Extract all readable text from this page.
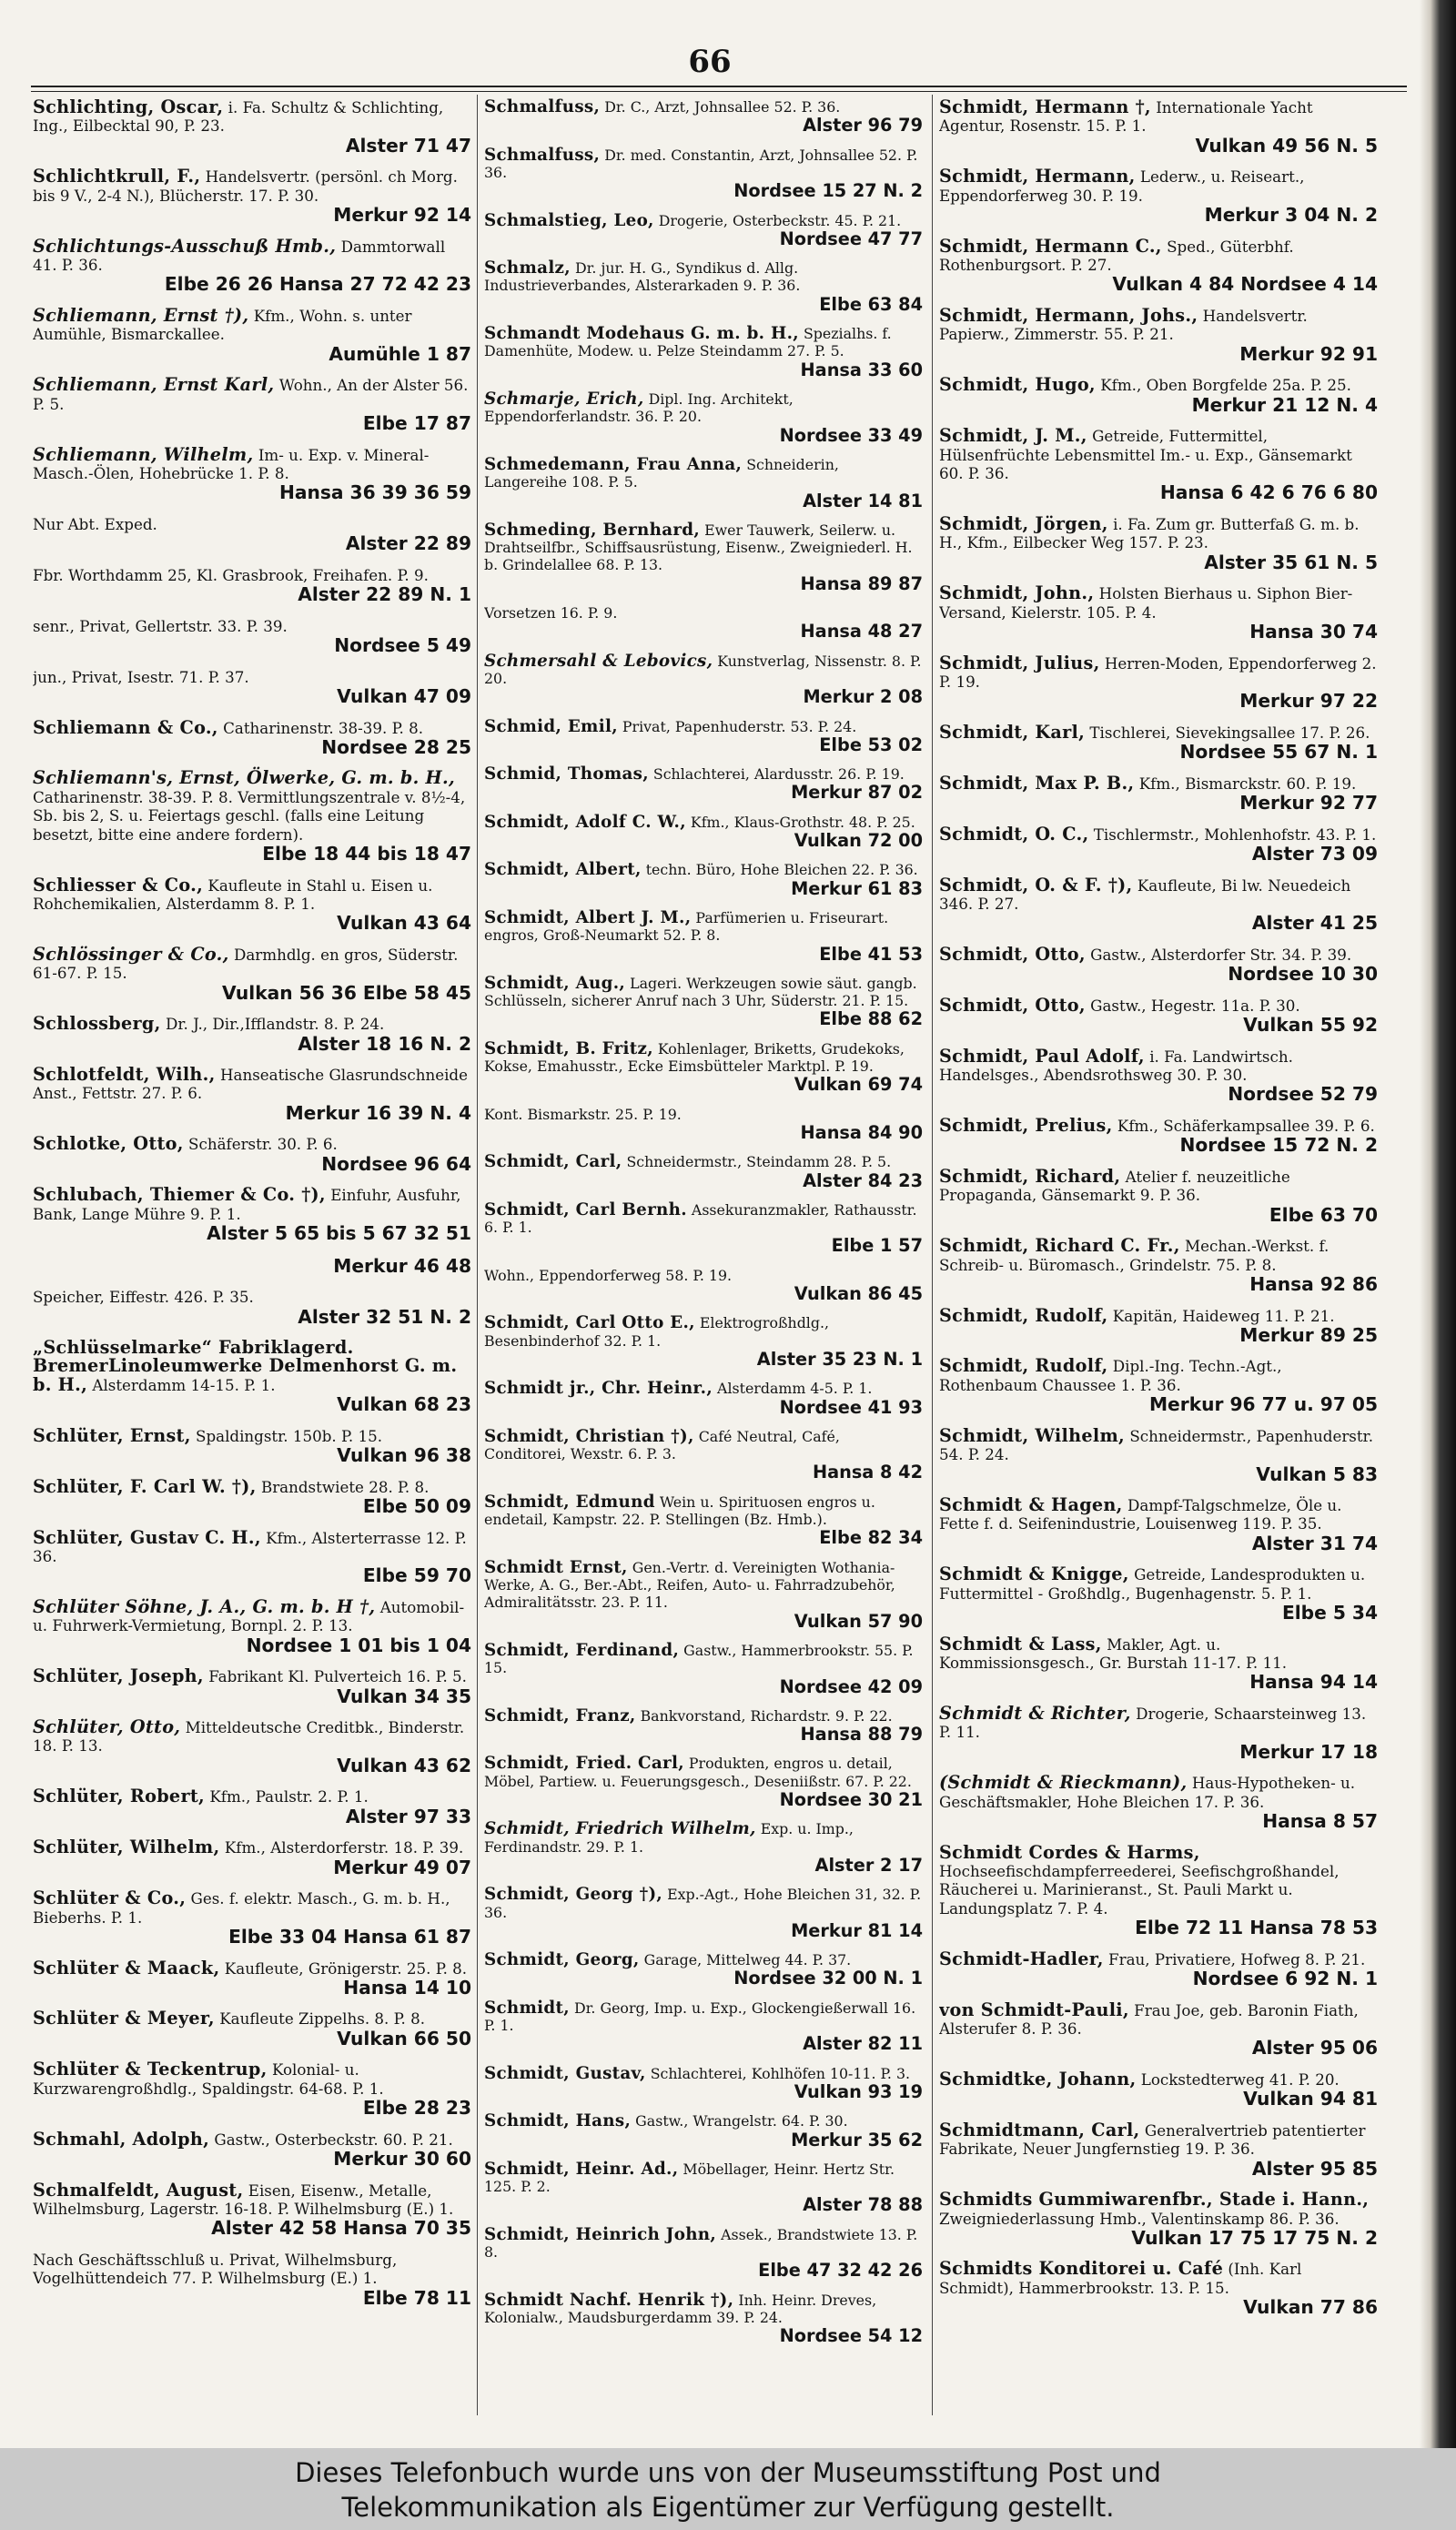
66
Schlichting, Oscar, i. Fa. Schultz & Schlichting, Ing., Eilbecktal 90, P. 23.
Alster 71 47
Schlichtkrull, F., Handelsvertr. (persönl. ch Morg. bis 9 V., 2-4 N.), Blücherstr. 17. P. 30.
Merkur 92 14
Schlichtungs-Ausschuß Hmb., Dammtorwall 41. P. 36.
Elbe 26 26 Hansa 27 72 42 23
Schliemann, Ernst †), Kfm., Wohn. s. unter Aumühle, Bismarckallee.
Aumühle 1 87
Schliemann, Ernst Karl, Wohn., An der Alster 56. P. 5.
Elbe 17 87
Schliemann, Wilhelm, Im- u. Exp. v. Mineral-Masch.-Ölen, Hohebrücke 1. P. 8.
Hansa 36 39 36 59
Nur Abt. Exped.
Alster 22 89
Fbr. Worthdamm 25, Kl. Grasbrook, Freihafen. P. 9.
Alster 22 89 N. 1
senr., Privat, Gellertstr. 33. P. 39.
Nordsee 5 49
jun., Privat, Isestr. 71. P. 37.
Vulkan 47 09
Schliemann & Co., Catharinenstr. 38-39. P. 8.
Nordsee 28 25
Schliemann's, Ernst, Ölwerke, G. m. b. H., Catharinenstr. 38-39. P. 8. Vermittlungszentrale v. 8½-4, Sb. bis 2, S. u. Feiertags geschl. (falls eine Leitung besetzt, bitte eine andere fordern).
Elbe 18 44 bis 18 47
Schliesser & Co., Kaufleute in Stahl u. Eisen u. Rohchemikalien, Alsterdamm 8. P. 1.
Vulkan 43 64
Schlössinger & Co., Darmhdlg. en gros, Süderstr. 61-67. P. 15.
Vulkan 56 36 Elbe 58 45
Schlossberg, Dr. J., Dir.,Ifflandstr. 8. P. 24.
Alster 18 16 N. 2
Schlotfeldt, Wilh., Hanseatische Glasrundschneide Anst., Fettstr. 27. P. 6.
Merkur 16 39 N. 4
Schlotke, Otto, Schäferstr. 30. P. 6.
Nordsee 96 64
Schlubach, Thiemer & Co. †), Einfuhr, Ausfuhr, Bank, Lange Mühre 9. P. 1.
Alster 5 65 bis 5 67 32 51
Merkur 46 48
Speicher, Eiffestr. 426. P. 35.
Alster 32 51 N. 2
„Schlüsselmarke“ Fabriklagerd. BremerLinoleumwerke Delmenhorst G. m. b. H., Alsterdamm 14-15. P. 1.
Vulkan 68 23
Schlüter, Ernst, Spaldingstr. 150b. P. 15.
Vulkan 96 38
Schlüter, F. Carl W. †), Brandstwiete 28. P. 8.
Elbe 50 09
Schlüter, Gustav C. H., Kfm., Alsterterrasse 12. P. 36.
Elbe 59 70
Schlüter Söhne, J. A., G. m. b. H †, Automobil- u. Fuhrwerk-Vermietung, Bornpl. 2. P. 13.
Nordsee 1 01 bis 1 04
Schlüter, Joseph, Fabrikant Kl. Pulverteich 16. P. 5.
Vulkan 34 35
Schlüter, Otto, Mitteldeutsche Creditbk., Binderstr. 18. P. 13.
Vulkan 43 62
Schlüter, Robert, Kfm., Paulstr. 2. P. 1.
Alster 97 33
Schlüter, Wilhelm, Kfm., Alsterdorferstr. 18. P. 39.
Merkur 49 07
Schlüter & Co., Ges. f. elektr. Masch., G. m. b. H., Bieberhs. P. 1.
Elbe 33 04 Hansa 61 87
Schlüter & Maack, Kaufleute, Grönigerstr. 25. P. 8.
Hansa 14 10
Schlüter & Meyer, Kaufleute Zippelhs. 8. P. 8.
Vulkan 66 50
Schlüter & Teckentrup, Kolonial- u. Kurzwarengroßhdlg., Spaldingstr. 64-68. P. 1.
Elbe 28 23
Schmahl, Adolph, Gastw., Osterbeckstr. 60. P. 21.
Merkur 30 60
Schmalfeldt, August, Eisen, Eisenw., Metalle, Wilhelmsburg, Lagerstr. 16-18. P. Wilhelmsburg (E.) 1.
Alster 42 58 Hansa 70 35
Nach Geschäftsschluß u. Privat, Wilhelmsburg, Vogelhüttendeich 77. P. Wilhelmsburg (E.) 1.
Elbe 78 11
Schmalfuss, Dr. C., Arzt, Johnsallee 52. P. 36.
Alster 96 79
Schmalfuss, Dr. med. Constantin, Arzt, Johnsallee 52. P. 36.
Nordsee 15 27 N. 2
Schmalstieg, Leo, Drogerie, Osterbeckstr. 45. P. 21.
Nordsee 47 77
Schmalz, Dr. jur. H. G., Syndikus d. Allg. Industrieverbandes, Alsterarkaden 9. P. 36.
Elbe 63 84
Schmandt Modehaus G. m. b. H., Spezialhs. f. Damenhüte, Modew. u. Pelze Steindamm 27. P. 5.
Hansa 33 60
Schmarje, Erich, Dipl. Ing. Architekt, Eppendorferlandstr. 36. P. 20.
Nordsee 33 49
Schmedemann, Frau Anna, Schneiderin, Langereihe 108. P. 5.
Alster 14 81
Schmeding, Bernhard, Ewer Tauwerk, Seilerw. u. Drahtseilfbr., Schiffsausrüstung, Eisenw., Zweigniederl. H. b. Grindelallee 68. P. 13.
Hansa 89 87
Vorsetzen 16. P. 9.
Hansa 48 27
Schmersahl & Lebovics, Kunstverlag, Nissenstr. 8. P. 20.
Merkur 2 08
Schmid, Emil, Privat, Papenhuderstr. 53. P. 24.
Elbe 53 02
Schmid, Thomas, Schlachterei, Alardusstr. 26. P. 19.
Merkur 87 02
Schmidt, Adolf C. W., Kfm., Klaus-Grothstr. 48. P. 25.
Vulkan 72 00
Schmidt, Albert, techn. Büro, Hohe Bleichen 22. P. 36.
Merkur 61 83
Schmidt, Albert J. M., Parfümerien u. Friseurart. engros, Groß-Neumarkt 52. P. 8.
Elbe 41 53
Schmidt, Aug., Lageri. Werkzeugen sowie säut. gangb. Schlüsseln, sicherer Anruf nach 3 Uhr, Süderstr. 21. P. 15.
Elbe 88 62
Schmidt, B. Fritz, Kohlenlager, Briketts, Grudekoks, Kokse, Emahusstr., Ecke Eimsbütteler Marktpl. P. 19.
Vulkan 69 74
Kont. Bismarkstr. 25. P. 19.
Hansa 84 90
Schmidt, Carl, Schneidermstr., Steindamm 28. P. 5.
Alster 84 23
Schmidt, Carl Bernh. Assekuranzmakler, Rathausstr. 6. P. 1.
Elbe 1 57
Wohn., Eppendorferweg 58. P. 19.
Vulkan 86 45
Schmidt, Carl Otto E., Elektrogroßhdlg., Besenbinderhof 32. P. 1.
Alster 35 23 N. 1
Schmidt jr., Chr. Heinr., Alsterdamm 4-5. P. 1.
Nordsee 41 93
Schmidt, Christian †), Café Neutral, Café, Conditorei, Wexstr. 6. P. 3.
Hansa 8 42
Schmidt, Edmund Wein u. Spirituosen engros u. endetail, Kampstr. 22. P. Stellingen (Bz. Hmb.).
Elbe 82 34
Schmidt Ernst, Gen.-Vertr. d. Vereinigten Wothania-Werke, A. G., Ber.-Abt., Reifen, Auto- u. Fahrradzubehör, Admiralitätsstr. 23. P. 11.
Vulkan 57 90
Schmidt, Ferdinand, Gastw., Hammerbrookstr. 55. P. 15.
Nordsee 42 09
Schmidt, Franz, Bankvorstand, Richardstr. 9. P. 22.
Hansa 88 79
Schmidt, Fried. Carl, Produkten, engros u. detail, Möbel, Partiew. u. Feuerungsgesch., Deseniißstr. 67. P. 22.
Nordsee 30 21
Schmidt, Friedrich Wilhelm, Exp. u. Imp., Ferdinandstr. 29. P. 1.
Alster 2 17
Schmidt, Georg †), Exp.-Agt., Hohe Bleichen 31, 32. P. 36.
Merkur 81 14
Schmidt, Georg, Garage, Mittelweg 44. P. 37.
Nordsee 32 00 N. 1
Schmidt, Dr. Georg, Imp. u. Exp., Glockengießerwall 16. P. 1.
Alster 82 11
Schmidt, Gustav, Schlachterei, Kohlhöfen 10-11. P. 3.
Vulkan 93 19
Schmidt, Hans, Gastw., Wrangelstr. 64. P. 30.
Merkur 35 62
Schmidt, Heinr. Ad., Möbellager, Heinr. Hertz Str. 125. P. 2.
Alster 78 88
Schmidt, Heinrich John, Assek., Brandstwiete 13. P. 8.
Elbe 47 32 42 26
Schmidt Nachf. Henrik †), Inh. Heinr. Dreves, Kolonialw., Maudsburgerdamm 39. P. 24.
Nordsee 54 12
Schmidt, Hermann †, Internationale Yacht Agentur, Rosenstr. 15. P. 1.
Vulkan 49 56 N. 5
Schmidt, Hermann, Lederw., u. Reiseart., Eppendorferweg 30. P. 19.
Merkur 3 04 N. 2
Schmidt, Hermann C., Sped., Güterbhf. Rothenburgsort. P. 27.
Vulkan 4 84 Nordsee 4 14
Schmidt, Hermann, Johs., Handelsvertr. Papierw., Zimmerstr. 55. P. 21.
Merkur 92 91
Schmidt, Hugo, Kfm., Oben Borgfelde 25a. P. 25.
Merkur 21 12 N. 4
Schmidt, J. M., Getreide, Futtermittel, Hülsenfrüchte Lebensmittel Im.- u. Exp., Gänsemarkt 60. P. 36.
Hansa 6 42 6 76 6 80
Schmidt, Jörgen, i. Fa. Zum gr. Butterfaß G. m. b. H., Kfm., Eilbecker Weg 157. P. 23.
Alster 35 61 N. 5
Schmidt, John., Holsten Bierhaus u. Siphon Bier-Versand, Kielerstr. 105. P. 4.
Hansa 30 74
Schmidt, Julius, Herren-Moden, Eppendorferweg 2. P. 19.
Merkur 97 22
Schmidt, Karl, Tischlerei, Sievekingsallee 17. P. 26.
Nordsee 55 67 N. 1
Schmidt, Max P. B., Kfm., Bismarckstr. 60. P. 19.
Merkur 92 77
Schmidt, O. C., Tischlermstr., Mohlenhofstr. 43. P. 1.
Alster 73 09
Schmidt, O. & F. †), Kaufleute, Bi lw. Neuedeich 346. P. 27.
Alster 41 25
Schmidt, Otto, Gastw., Alsterdorfer Str. 34. P. 39.
Nordsee 10 30
Schmidt, Otto, Gastw., Hegestr. 11a. P. 30.
Vulkan 55 92
Schmidt, Paul Adolf, i. Fa. Landwirtsch. Handelsges., Abendsrothsweg 30. P. 30.
Nordsee 52 79
Schmidt, Prelius, Kfm., Schäferkampsallee 39. P. 6.
Nordsee 15 72 N. 2
Schmidt, Richard, Atelier f. neuzeitliche Propaganda, Gänsemarkt 9. P. 36.
Elbe 63 70
Schmidt, Richard C. Fr., Mechan.-Werkst. f. Schreib- u. Büromasch., Grindelstr. 75. P. 8.
Hansa 92 86
Schmidt, Rudolf, Kapitän, Haideweg 11. P. 21.
Merkur 89 25
Schmidt, Rudolf, Dipl.-Ing. Techn.-Agt., Rothenbaum Chaussee 1. P. 36.
Merkur 96 77 u. 97 05
Schmidt, Wilhelm, Schneidermstr., Papenhuderstr. 54. P. 24.
Vulkan 5 83
Schmidt & Hagen, Dampf-Talgschmelze, Öle u. Fette f. d. Seifenindustrie, Louisenweg 119. P. 35.
Alster 31 74
Schmidt & Knigge, Getreide, Landesprodukten u. Futtermittel - Großhdlg., Bugenhagenstr. 5. P. 1.
Elbe 5 34
Schmidt & Lass, Makler, Agt. u. Kommissionsgesch., Gr. Burstah 11-17. P. 11.
Hansa 94 14
Schmidt & Richter, Drogerie, Schaarsteinweg 13. P. 11.
Merkur 17 18
(Schmidt & Rieckmann), Haus-Hypotheken- u. Geschäftsmakler, Hohe Bleichen 17. P. 36.
Hansa 8 57
Schmidt Cordes & Harms, Hochseefischdampferreederei, Seefischgroßhandel, Räucherei u. Marinieranst., St. Pauli Markt u. Landungsplatz 7. P. 4.
Elbe 72 11 Hansa 78 53
Schmidt-Hadler, Frau, Privatiere, Hofweg 8. P. 21.
Nordsee 6 92 N. 1
von Schmidt-Pauli, Frau Joe, geb. Baronin Fiath, Alsterufer 8. P. 36.
Alster 95 06
Schmidtke, Johann, Lockstedterweg 41. P. 20.
Vulkan 94 81
Schmidtmann, Carl, Generalvertrieb patentierter Fabrikate, Neuer Jungfernstieg 19. P. 36.
Alster 95 85
Schmidts Gummiwarenfbr., Stade i. Hann., Zweigniederlassung Hmb., Valentinskamp 86. P. 36.
Vulkan 17 75 17 75 N. 2
Schmidts Konditorei u. Café (Inh. Karl Schmidt), Hammerbrookstr. 13. P. 15.
Vulkan 77 86
Dieses Telefonbuch wurde uns von der Museumsstiftung Post und
Telekommunikation als Eigentümer zur Verfügung gestellt.
